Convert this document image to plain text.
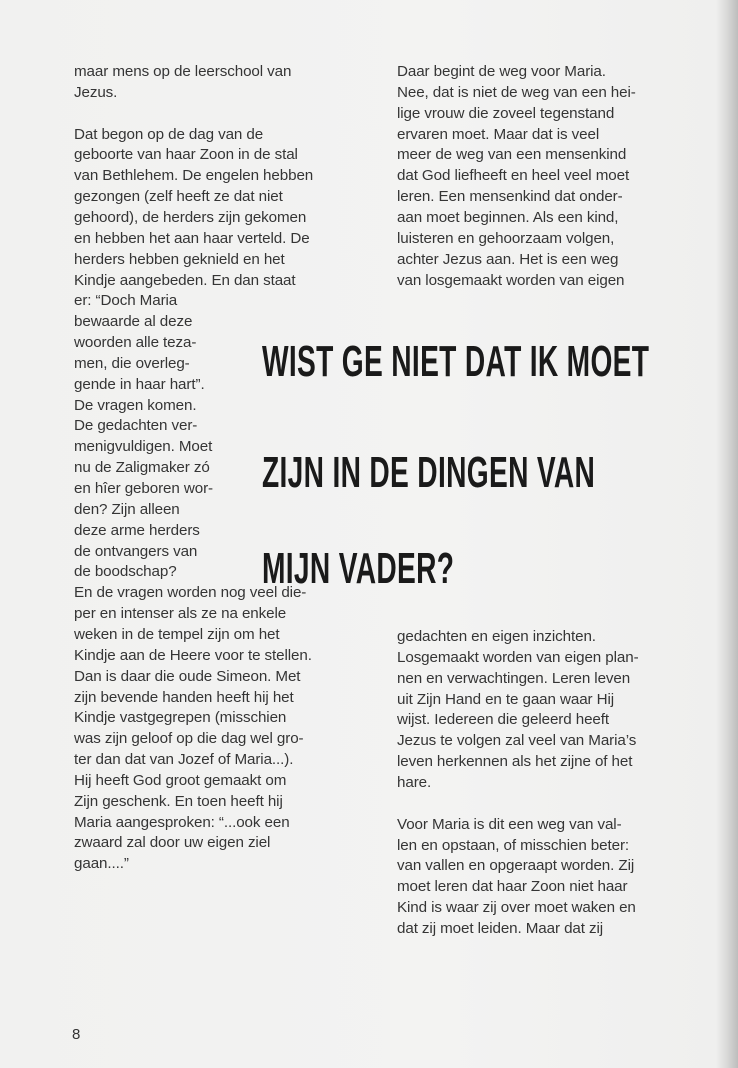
maar mens op de leerschool van
Jezus.
Dat begon op de dag van de
geboorte van haar Zoon in de stal
van Bethlehem. De engelen hebben
gezongen (zelf heeft ze dat niet
gehoord), de herders zijn gekomen
en hebben het aan haar verteld. De
herders hebben geknield en het
Kindje aangebeden. En dan staat
er: “Doch Maria
bewaarde al deze
woorden alle teza-
men, die overleg-
gende in haar hart”.
De vragen komen.
De gedachten ver-
menigvuldigen. Moet
nu de Zaligmaker zó
en hîer geboren wor-
den? Zijn alleen
deze arme herders
de ontvangers van
de boodschap?
En de vragen worden nog veel die-
per en intenser als ze na enkele
weken in de tempel zijn om het
Kindje aan de Heere voor te stellen.
Dan is daar die oude Simeon. Met
zijn bevende handen heeft hij het
Kindje vastgegrepen (misschien
was zijn geloof op die dag wel gro-
ter dan dat van Jozef of Maria...).
Hij heeft God groot gemaakt om
Zijn geschenk. En toen heeft hij
Maria aangesproken: “...ook een
zwaard zal door uw eigen ziel
gaan....”
Daar begint de weg voor Maria.
Nee, dat is niet de weg van een hei-
lige vrouw die zoveel tegenstand
ervaren moet. Maar dat is veel
meer de weg van een mensenkind
dat God liefheeft en heel veel moet
leren. Een mensenkind dat onder-
aan moet beginnen. Als een kind,
luisteren en gehoorzaam volgen,
achter Jezus aan. Het is een weg
van losgemaakt worden van eigen
gedachten en eigen inzichten.
Losgemaakt worden van eigen plan-
nen en verwachtingen. Leren leven
uit Zijn Hand en te gaan waar Hij
wijst. Iedereen die geleerd heeft
Jezus te volgen zal veel van Maria’s
leven herkennen als het zijne of het
hare.
Voor Maria is dit een weg van val-
len en opstaan, of misschien beter:
van vallen en opgeraapt worden. Zij
moet leren dat haar Zoon niet haar
Kind is waar zij over moet waken en
dat zij moet leiden. Maar dat zij
WIST GE NIET DAT IK MOET
ZIJN IN DE DINGEN VAN
MIJN VADER?
8
